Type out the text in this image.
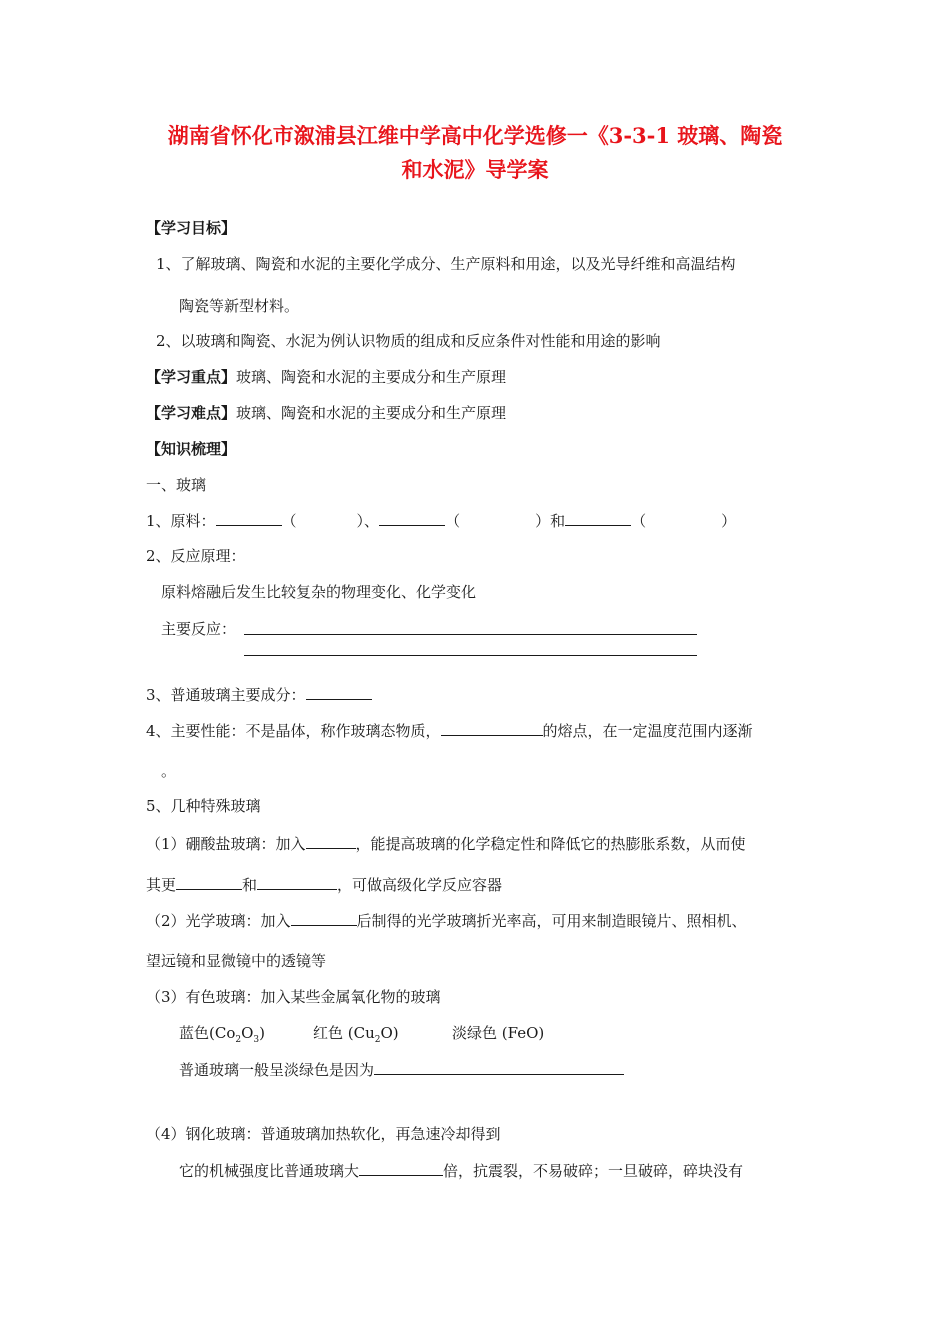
湖南省怀化市溆浦县江维中学高中化学选修一《3-3-1 玻璃、陶瓷
和水泥》导学案
【学习目标】
1、了解玻璃、陶瓷和水泥的主要化学成分、生产原料和用途，以及光导纤维和高温结构
陶瓷等新型材料。
2、以玻璃和陶瓷、水泥为例认识物质的组成和反应条件对性能和用途的影响
【学习重点】玻璃、陶瓷和水泥的主要成分和生产原理
【学习难点】玻璃、陶瓷和水泥的主要成分和生产原理
【知识梳理】
一、玻璃
1、原料：	（　　　　）、	（　　　　　）和	（　　　　　）
2、反应原理：
原料熔融后发生比较复杂的物理变化、化学变化
主要反应：
3、普通玻璃主要成分：
4、主要性能：不是晶体，称作玻璃态物质，	的熔点，在一定温度范围内逐渐
。
5、几种特殊玻璃
（1）硼酸盐玻璃：加入	，能提高玻璃的化学稳定性和降低它的热膨胀系数，从而使
其更	和	，可做高级化学反应容器
（2）光学玻璃：加入	后制得的光学玻璃折光率高，可用来制造眼镜片、照相机、
望远镜和显微镜中的透镜等
（3）有色玻璃：加入某些金属氧化物的玻璃
蓝色$(Co_2O_3)$	红色 $(Cu_2O)$	淡绿色 (FeO)
普通玻璃一般呈淡绿色是因为
（4）钢化玻璃：普通玻璃加热软化，再急速冷却得到
它的机械强度比普通玻璃大	倍，抗震裂，不易破碎；一旦破碎，碎块没有
